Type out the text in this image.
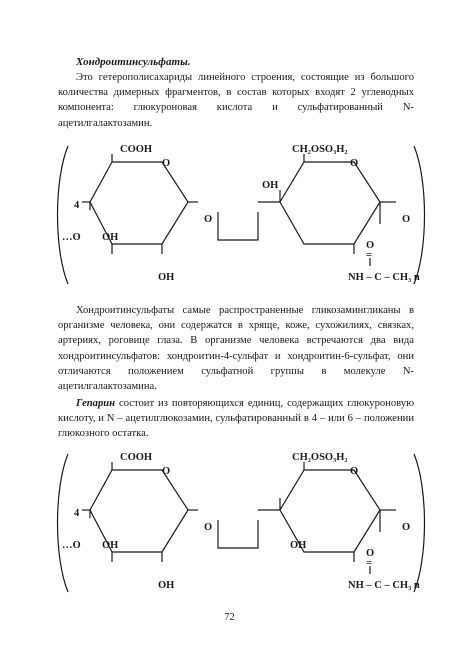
Хондроитинсульфаты.

Это гетерополисахариды линейного строения, состоящие из большого количества димерных фрагментов, в состав которых входят 2 углеводных компонента: глюкуроновая кислота и сульфатированный N-ацетилгалактозамин.

COOH
O
4
…O OH
OH
O
CH₂OSO₃H₂
O
OH
O
O
=
NH – C – CH₃ n

Хондроитинсульфаты самые распространенные гликозамингликаны в организме человека, они содержатся в хряще, коже, сухожилиях, связках, артериях, роговице глаза. В организме человека встречаются два вида хондроитинсульфатов: хондроитин-4-сульфат и хондроитин-6-сульфат, они отличаются положением сульфатной группы в молекуле N-ацетилгалактозамина.

Гепарин состоит из повторяющихся единиц, содержащих глюкуроновую кислоту, и N – ацетилглюкозамин, сульфатированный в 4 – или 6 – положении глюкозного остатка.

COOH
O
4
…O OH
OH
O
CH₂OSO₃H₂
O
OH
O
O
=
NH – C – CH₃ n
72
